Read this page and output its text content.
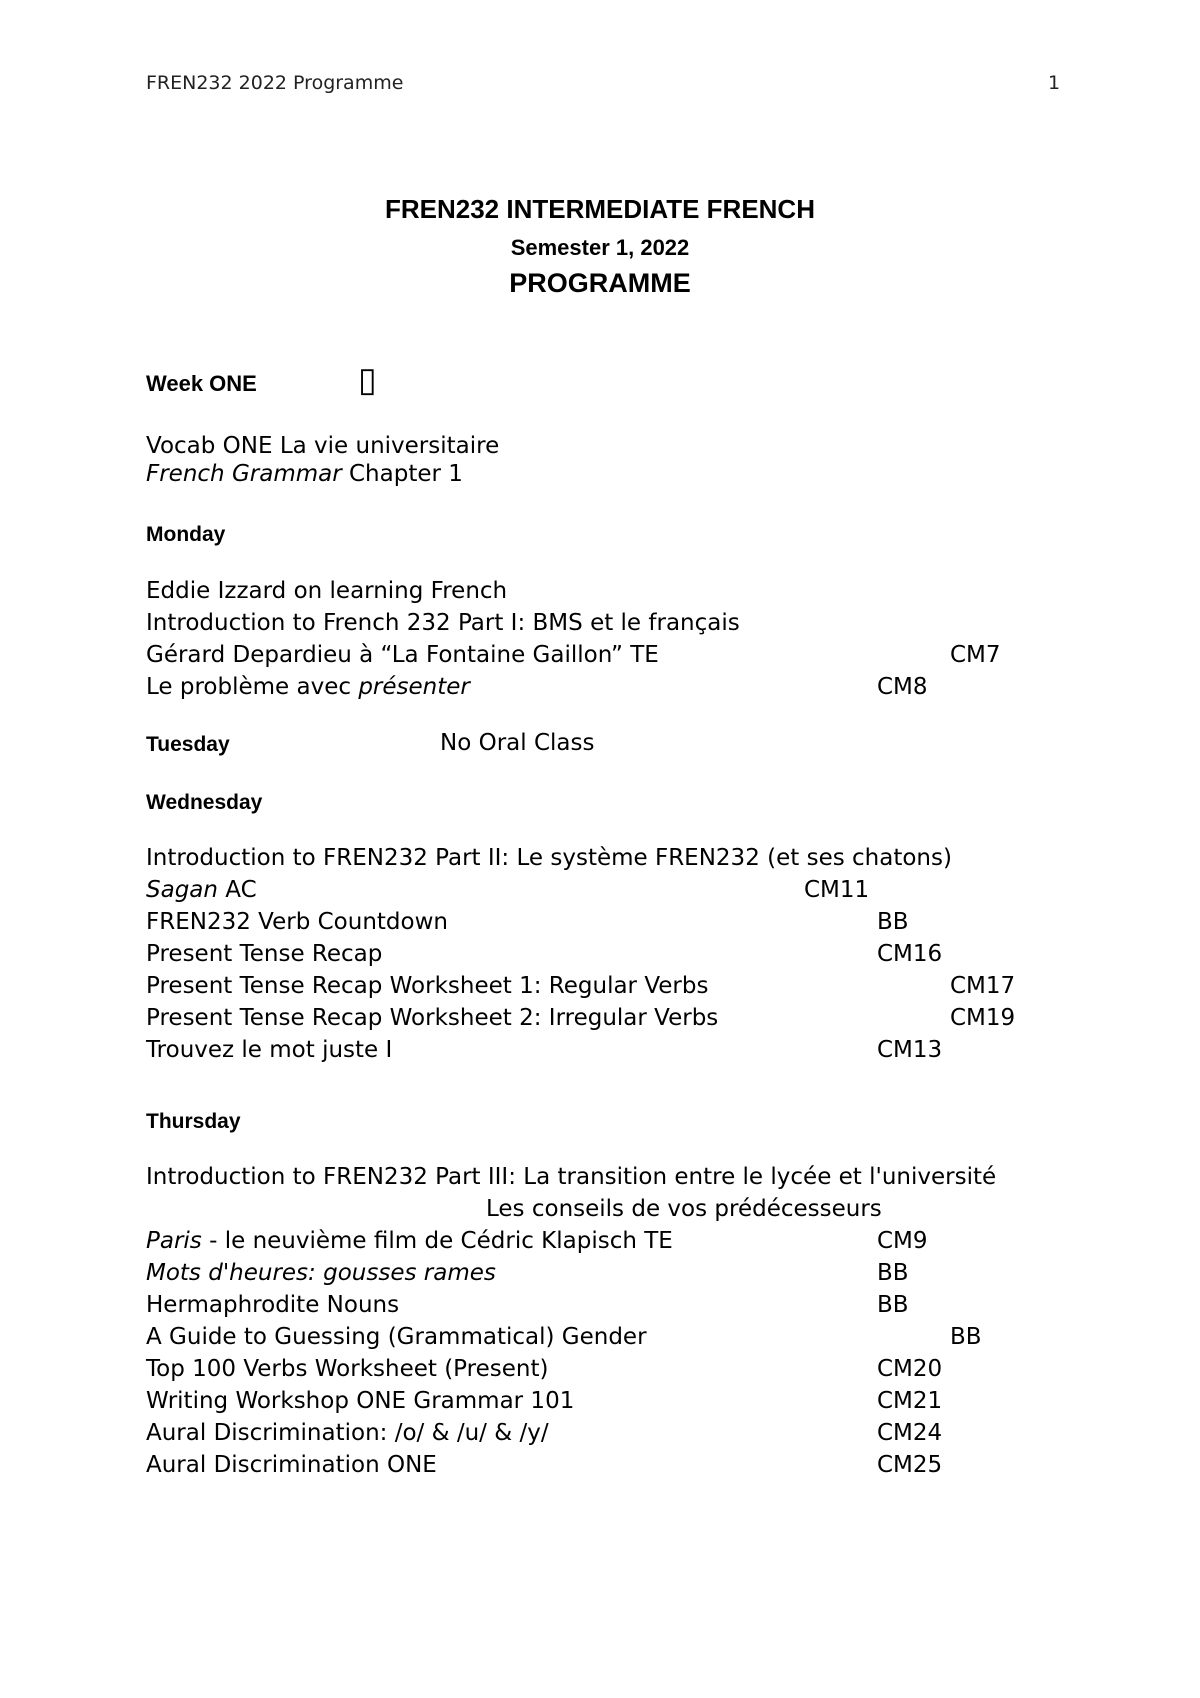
FREN232 2022 Programme	1
FREN232 INTERMEDIATE FRENCH
Semester 1, 2022
PROGRAMME
Week ONE	▯
Vocab ONE La vie universitaire
French Grammar Chapter 1
Monday
Eddie Izzard on learning French
Introduction to French 232 Part I: BMS et le français
Gérard Depardieu à “La Fontaine Gaillon” TE	CM7
Le problème avec présenter	CM8
Tuesday	No Oral Class
Wednesday
Introduction to FREN232 Part II: Le système FREN232 (et ses chatons)
Sagan AC	CM11
FREN232 Verb Countdown	BB
Present Tense Recap	CM16
Present Tense Recap Worksheet 1: Regular Verbs	CM17
Present Tense Recap Worksheet 2: Irregular Verbs	CM19
Trouvez le mot juste I	CM13
Thursday
Introduction to FREN232 Part III: La transition entre le lycée et l'université
Les conseils de vos prédécesseurs
Paris - le neuvième film de Cédric Klapisch TE	CM9
Mots d'heures: gousses rames	BB
Hermaphrodite Nouns	BB
A Guide to Guessing (Grammatical) Gender	BB
Top 100 Verbs Worksheet (Present)	CM20
Writing Workshop ONE Grammar 101	CM21
Aural Discrimination: /o/ & /u/ & /y/	CM24
Aural Discrimination ONE	CM25
